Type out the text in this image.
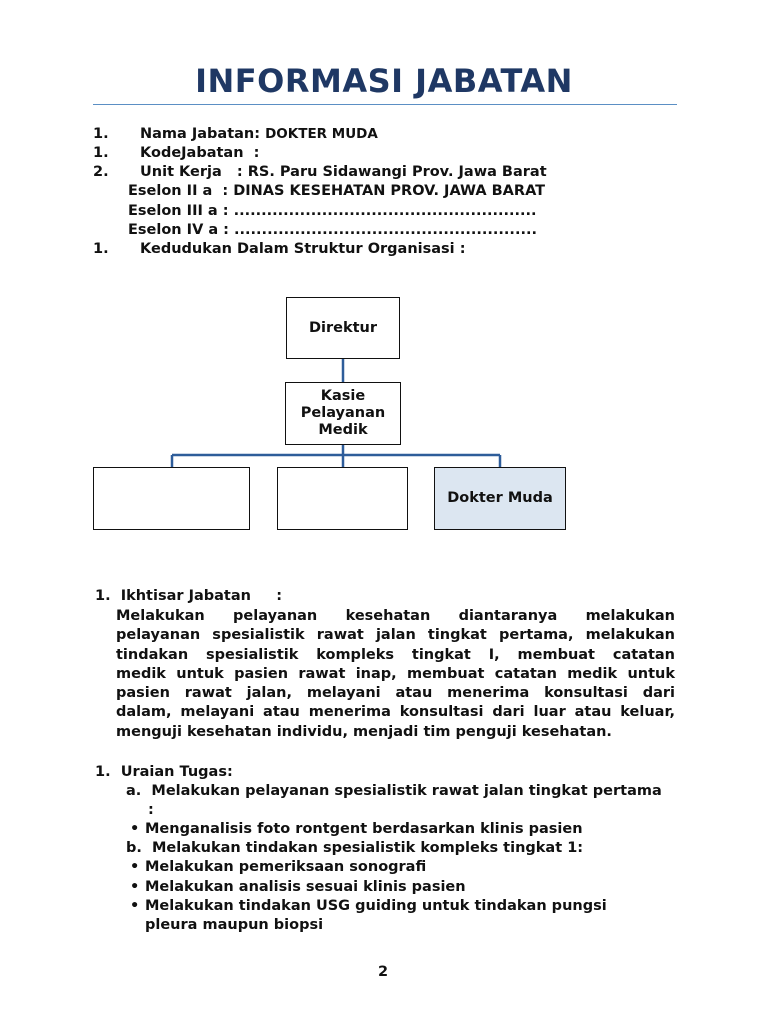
INFORMASI JABATAN
1.	Nama Jabatan: DOKTER MUDA
1.	KodeJabatan  :
2.	Unit Kerja   : RS. Paru Sidawangi Prov. Jawa Barat
Eselon II a  : DINAS KESEHATAN PROV. JAWA BARAT
Eselon III a : .......................................................
Eselon IV a : .......................................................
1.	Kedudukan Dalam Struktur Organisasi :
Direktur
Kasie
Pelayanan
Medik
Dokter Muda
1.  Ikhtisar Jabatan     :
Melakukan pelayanan kesehatan diantaranya melakukan
pelayanan spesialistik rawat jalan tingkat pertama, melakukan
tindakan spesialistik kompleks tingkat I, membuat catatan
medik untuk pasien rawat inap, membuat catatan medik untuk
pasien rawat jalan, melayani atau menerima konsultasi dari
dalam, melayani atau menerima konsultasi dari luar atau keluar,
menguji kesehatan individu, menjadi tim penguji kesehatan.
1.  Uraian Tugas:
a.  Melakukan pelayanan spesialistik rawat jalan tingkat pertama
:
• Menganalisis foto rontgent berdasarkan klinis pasien
b.  Melakukan tindakan spesialistik kompleks tingkat 1:
• Melakukan pemeriksaan sonografi
• Melakukan analisis sesuai klinis pasien
• Melakukan tindakan USG guiding untuk tindakan pungsi
pleura maupun biopsi
2
